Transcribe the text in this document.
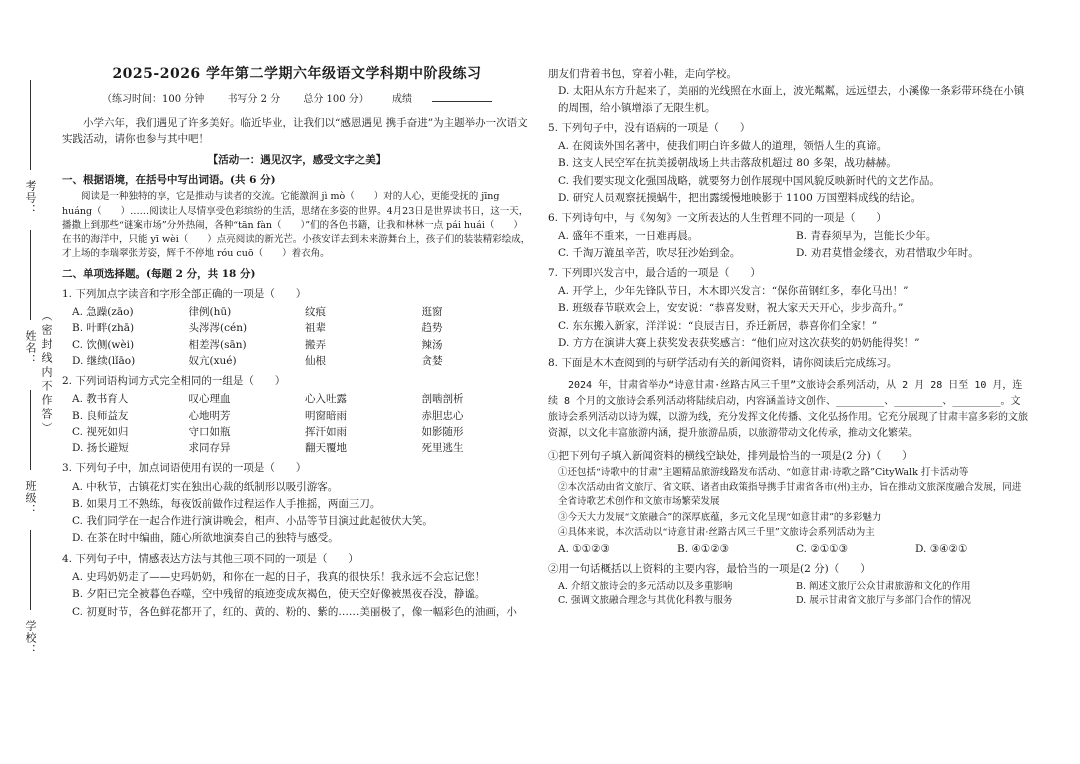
考号：
姓名：
班级：
学校：
（密封线内不作答）
2025-2026 学年第二学期六年级语文学科期中阶段练习
（练习时间：100 分钟 书写分 2 分 总分 100 分） 成绩
小学六年，我们遇见了许多美好。临近毕业，让我们以“感恩遇见 携手奋进”为主题举办一次语文实践活动，请你也参与其中吧！
【活动一：遇见汉字，感受文字之美】
一、根据语境，在括号中写出词语。(共 6 分)
阅读是一种独特的享，它是推动与读者的交流。它能激润 jì mò（　　）对的人心，更能受抚的 jīng huáng（　　）……阅读让人尽情享受色彩缤纷的生活，思绪在多姿的世界。4月23日是世界读书日，这一天，播撒上到那些“谜案市场”分外热闹，各种“tān fàn（　　）”们的各色书籍，让我和林林一点 pái huái（　　）在书的海洋中，只能 yī wèi（　　）点亮阅读的新光芒。小孩安详去到未来游舞台上，孩子们的装装精彩绘成，才上场的李瑞翠张芳姿，辉千不停地 róu cuō（　　）着衣角。
二、单项选择题。(每题 2 分，共 18 分)
1. 下列加点字读音和字形全部正确的一项是（　　）
A. 急躁(zāo)	律例(hū)	纹痕	逛窗
B. 叶畔(zhā)	头涔涔(cén)	祖辈	趋势
C. 饮侧(wèi)	相差涔(sān)	搬弄	辣汤
D. 继续(lǐāo)	奴亢(xué)	仙根	贪婪
2. 下列词语构词方式完全相同的一组是（　　）
A. 教书育人	叹心理血	心入吐露	剖啮剖析
B. 良师益友	心地明芳	明窗暗雨	赤胆忠心
C. 视死如归	守口如瓶	挥汗如雨	如影随形
D. 扬长避短	求同存异	翻天覆地	死里逃生
3. 下列句子中，加点词语使用有误的一项是（　　）
A. 中秋节，古镇花灯实在独出心裁的纸制形以吸引游客。
B. 如果月工不熟练，每夜饭前做作过程运作人手推摇，两面三刀。
C. 我们同学在一起合作进行演讲晚会，相声、小品等节目演过此起彼伏大笑。
D. 在茶在时中编曲，随心所欲地演奏自己的独特与感受。
4. 下列句子中，情感表达方法与其他三项不同的一项是（　　）
A. 史玛奶奶走了——史玛奶奶，和你在一起的日子，我真的很快乐！我永远不会忘记您！
B. 夕阳已完全被暮色吞噬，空中残留的痕迹变成灰褐色，使天空好像被黑夜吞没，静谧。
C. 初夏时节，各色鲜花都开了，红的、黄的、粉的、紫的……美丽极了，像一幅彩色的油画，小
朋友们背着书包，穿着小鞋，走向学校。
D. 太阳从东方升起来了，美丽的光线照在水面上，波光粼粼，远远望去，小溪像一条彩带环绕在小镇的周围，给小镇增添了无限生机。
5. 下列句子中，没有语病的一项是（　　）
A. 在阅读外国名著中，使我们明白许多做人的道理，领悟人生的真谛。
B. 这支人民空军在抗美援朝战场上共击落敌机超过 80 多架，战功赫赫。
C. 我们要实现文化强国战略，就要努力创作展现中国风貌反映新时代的文艺作品。
D. 研究人员观察抚摸蜗牛，把出露缓慢地映影于 1100 万国塑料成线的结论。
6. 下列诗句中，与《匆匆》一文所表达的人生哲理不同的一项是（　　）
A. 盛年不重来，一日难再晨。	B. 青春须早为，岂能长少年。
C. 千淘万漉虽辛苦，吹尽狂沙始到金。	D. 劝君莫惜金缕衣，劝君惜取少年时。
7. 下列即兴发言中，最合适的一项是（　　）
A. 开学上，少年先锋队节日，木木即兴发言：“保你苗钢红多，奉化马出！”
B. 班级春节联欢会上，安安说：“恭喜发财，祝大家天天开心，步步高升。”
C. 东东搬入新家，洋洋说：“良辰吉日，乔迁新居，恭喜你们全家！”
D. 方方在演讲大赛上获奖发表获奖感言：“他们应对这次获奖的奶奶能得奖！”
8. 下面是木木查阅到的与研学活动有关的新闻资料，请你阅读后完成练习。
2024 年，甘肃省举办“诗意甘肃·丝路古风三千里”文旅诗会系列活动，从 2 月 28 日至 10 月，连续 8 个月的文旅诗会系列活动将陆续启动，内容涵盖诗文创作、________、________、________。文旅诗会系列活动以诗为媒，以游为线，充分发挥文化传播、文化弘扬作用。它充分展现了甘肃丰富多彩的文旅资源，以文化丰富旅游内涵，提升旅游品质，以旅游带动文化传承，推动文化繁荣。
①把下列句子填入新闻资料的横线空缺处，排列最恰当的一项是(2 分)（　　）
①还包括“诗歌中的甘肃”主题精品旅游线路发布活动、“如意甘肃·诗歌之路”CityWalk 打卡活动等
②本次活动由省文旅厅、省文联、诸者由政策指导携手甘肃省各市(州)主办，旨在推动文旅深度融合发展，同进全省诗歌艺术创作和文旅市场繁荣发展
③今天大力发展“文旅融合”的深厚底蕴，多元文化呈现“如意甘肃”的多彩魅力
④具体来说，本次活动以“诗意甘肃·丝路古风三千里”文旅诗会系列活动为主
A. ①①②③	B. ④①②③	C. ②①①③	D. ③④②①
②用一句话概括以上资料的主要内容，最恰当的一项是(2 分)（　　）
A. 介绍文旅诗会的多元活动以及多重影响	B. 阐述文旅厅公众甘肃旅游和文化的作用
C. 强调文旅融合理念与其优化科教与服务	D. 展示甘肃省文旅厅与多部门合作的情况
